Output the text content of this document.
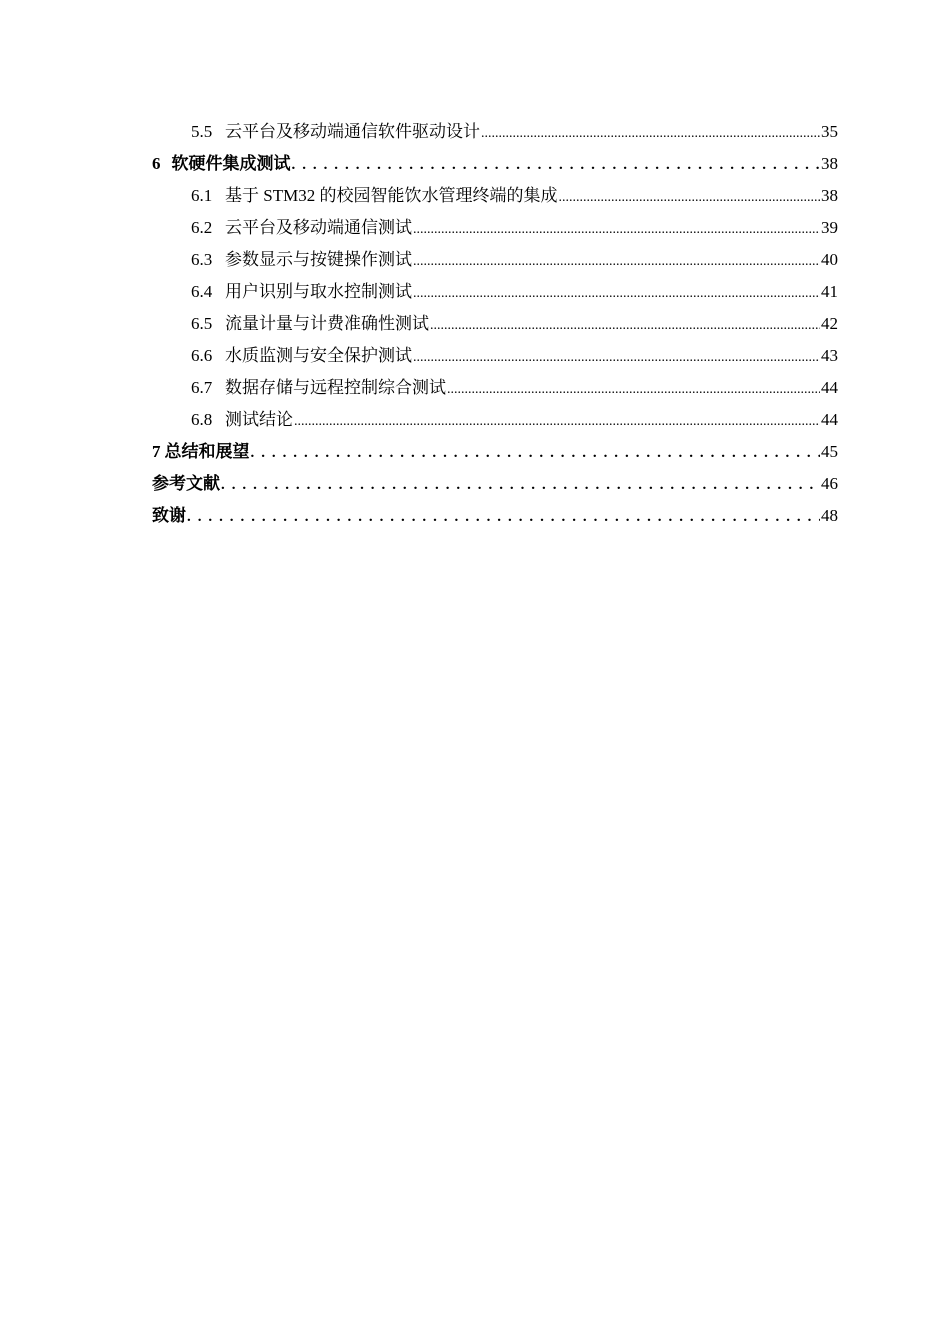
5.5 云平台及移动端通信软件驱动设计 .....	35
6 软硬件集成测试 . . .	38
6.1 基于 STM32 的校园智能饮水管理终端的集成 .....	38
6.2 云平台及移动端通信测试 .....	39
6.3 参数显示与按键操作测试 .....	40
6.4 用户识别与取水控制测试 .....	41
6.5 流量计量与计费准确性测试 .....	42
6.6 水质监测与安全保护测试 .....	43
6.7 数据存储与远程控制综合测试 .....	44
6.8 测试结论 .....	44
7 总结和展望 . . .	45
参考文献 . . .	46
致谢 . . .	48
